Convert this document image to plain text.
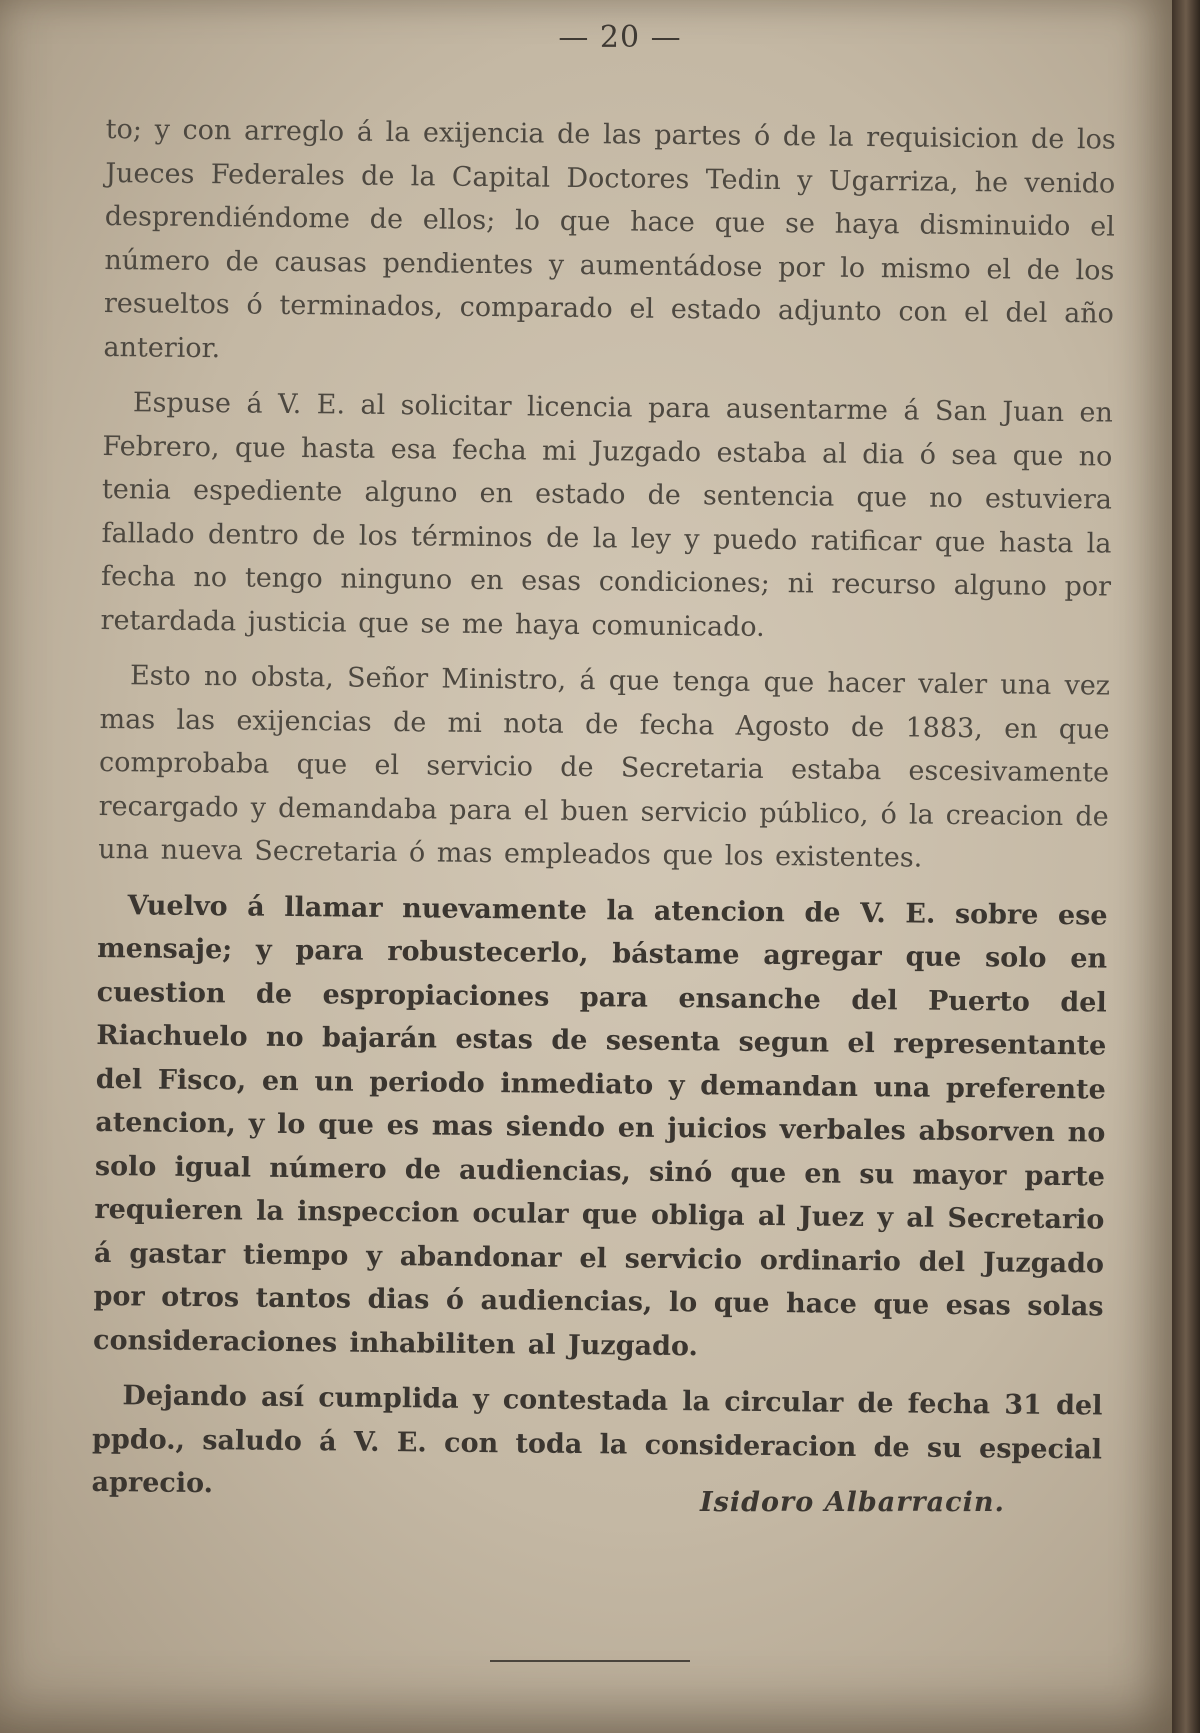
— 20 —

to; y con arreglo á la exijencia de las partes ó de la requisicion de los Jueces Federales de la Capital Doctores Tedin y Ugarriza, he venido desprendiéndome de ellos; lo que hace que se haya disminuido el número de causas pendientes y aumentádose por lo mismo el de los resueltos ó terminados, comparado el estado adjunto con el del año anterior.

Espuse á V. E. al solicitar licencia para ausentarme á San Juan en Febrero, que hasta esa fecha mi Juzgado estaba al dia ó sea que no tenia espediente alguno en estado de sentencia que no estuviera fallado dentro de los términos de la ley y puedo ratificar que hasta la fecha no tengo ninguno en esas condiciones; ni recurso alguno por retardada justicia que se me haya comunicado.

Esto no obsta, Señor Ministro, á que tenga que hacer valer una vez mas las exijencias de mi nota de fecha Agosto de 1883, en que comprobaba que el servicio de Secretaria estaba escesivamente recargado y demandaba para el buen servicio público, ó la creacion de una nueva Secretaria ó mas empleados que los existentes.

Vuelvo á llamar nuevamente la atencion de V. E. sobre ese mensaje; y para robustecerlo, bástame agregar que solo en cuestion de espropiaciones para ensanche del Puerto del Riachuelo no bajarán estas de sesenta segun el representante del Fisco, en un periodo inmediato y demandan una preferente atencion, y lo que es mas siendo en juicios verbales absorven no solo igual número de audiencias, sinó que en su mayor parte requieren la inspeccion ocular que obliga al Juez y al Secretario á gastar tiempo y abandonar el servicio ordinario del Juzgado por otros tantos dias ó audiencias, lo que hace que esas solas consideraciones inhabiliten al Juzgado.

Dejando así cumplida y contestada la circular de fecha 31 del ppdo., saludo á V. E. con toda la consideracion de su especial aprecio.

Isidoro Albarracin.
